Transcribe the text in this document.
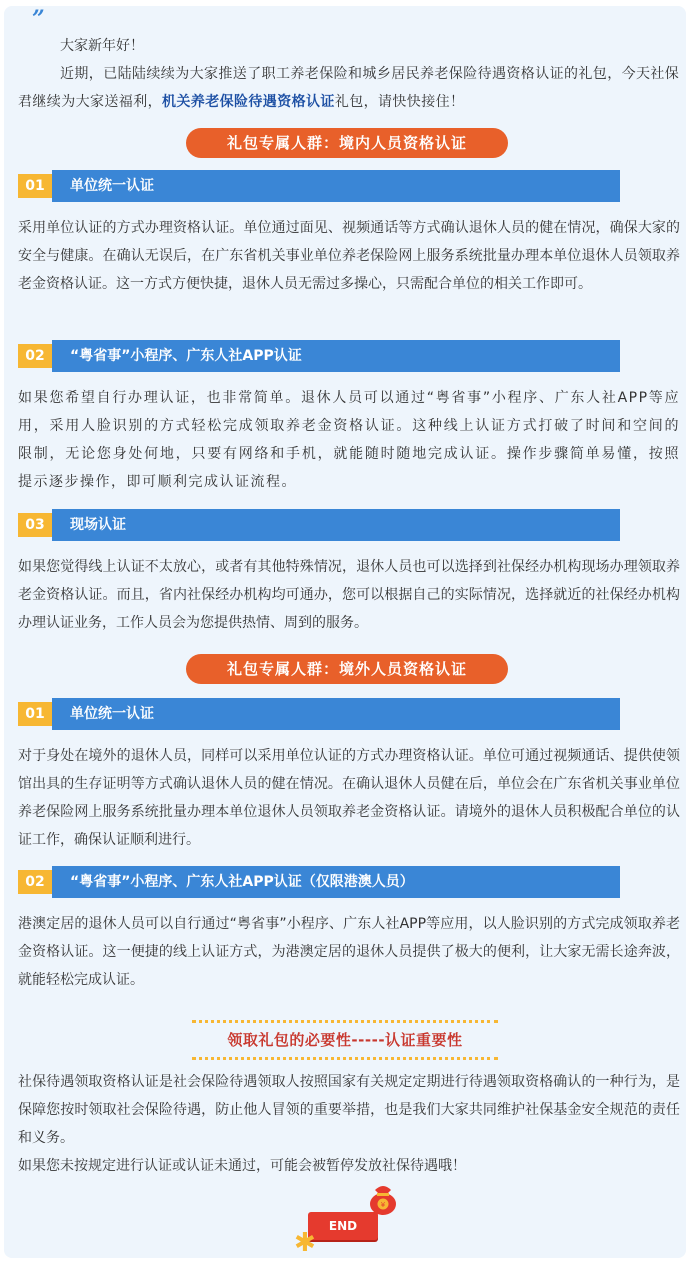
”
大家新年好！
近期，已陆陆续续为大家推送了职工养老保险和城乡居民养老保险待遇资格认证的礼包，今天社保君继续为大家送福利，机关养老保险待遇资格认证礼包，请快快接住！
礼包专属人群：境内人员资格认证
01	单位统一认证
采用单位认证的方式办理资格认证。单位通过面见、视频通话等方式确认退休人员的健在情况，确保大家的安全与健康。在确认无误后，在广东省机关事业单位养老保险网上服务系统批量办理本单位退休人员领取养老金资格认证。这一方式方便快捷，退休人员无需过多操心，只需配合单位的相关工作即可。
02	“粤省事”小程序、广东人社APP认证
如果您希望自行办理认证，也非常简单。退休人员可以通过“粤省事”小程序、广东人社APP等应用，采用人脸识别的方式轻松完成领取养老金资格认证。这种线上认证方式打破了时间和空间的限制，无论您身处何地，只要有网络和手机，就能随时随地完成认证。操作步骤简单易懂，按照提示逐步操作，即可顺利完成认证流程。
03	现场认证
如果您觉得线上认证不太放心，或者有其他特殊情况，退休人员也可以选择到社保经办机构现场办理领取养老金资格认证。而且，省内社保经办机构均可通办，您可以根据自己的实际情况，选择就近的社保经办机构办理认证业务，工作人员会为您提供热情、周到的服务。
礼包专属人群：境外人员资格认证
01	单位统一认证
对于身处在境外的退休人员，同样可以采用单位认证的方式办理资格认证。单位可通过视频通话、提供使领馆出具的生存证明等方式确认退休人员的健在情况。在确认退休人员健在后，单位会在广东省机关事业单位养老保险网上服务系统批量办理本单位退休人员领取养老金资格认证。请境外的退休人员积极配合单位的认证工作，确保认证顺利进行。
02	“粤省事”小程序、广东人社APP认证（仅限港澳人员）
港澳定居的退休人员可以自行通过“粤省事”小程序、广东人社APP等应用，以人脸识别的方式完成领取养老金资格认证。这一便捷的线上认证方式，为港澳定居的退休人员提供了极大的便利，让大家无需长途奔波，就能轻松完成认证。
领取礼包的必要性-----认证重要性
社保待遇领取资格认证是社会保险待遇领取人按照国家有关规定定期进行待遇领取资格确认的一种行为，是保障您按时领取社会保险待遇，防止他人冒领的重要举措，也是我们大家共同维护社保基金安全规范的责任和义务。
如果您未按规定进行认证或认证未通过，可能会被暂停发放社保待遇哦！
END
¥
✱
